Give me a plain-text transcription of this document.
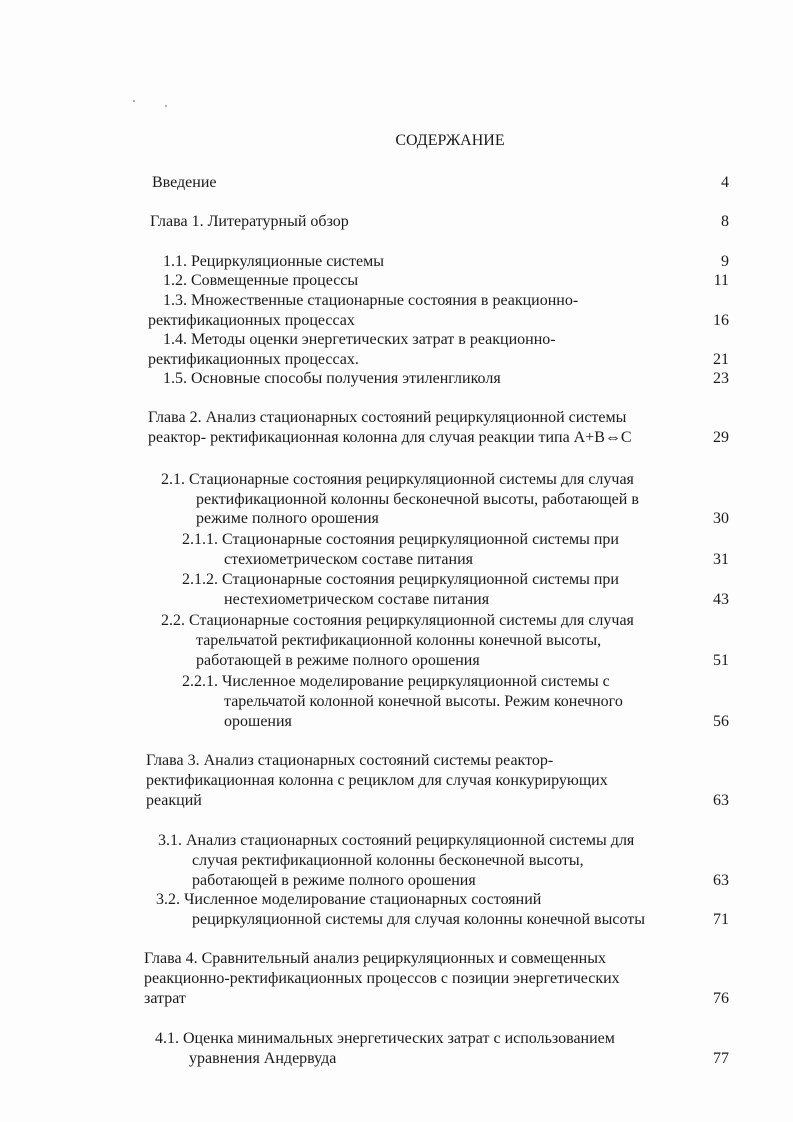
СОДЕРЖАНИЕ
Введение	4
Глава 1. Литературный обзор	8
1.1. Рециркуляционные системы	9
1.2. Совмещенные процессы	11
1.3. Множественные стационарные состояния в реакционно-
ректификационных процессах	16
1.4. Методы оценки энергетических затрат в реакционно-
ректификационных процессах.	21
1.5. Основные способы получения этиленгликоля	23
Глава 2. Анализ стационарных состояний рециркуляционной системы
реактор- ректификационная колонна для случая реакции типа A+B⇔C	29
2.1. Стационарные состояния рециркуляционной системы для случая
ректификационной колонны бесконечной высоты, работающей в
режиме полного орошения	30
2.1.1. Стационарные состояния рециркуляционной системы при
стехиометрическом составе питания	31
2.1.2. Стационарные состояния рециркуляционной системы при
нестехиометрическом составе питания	43
2.2. Стационарные состояния рециркуляционной системы для случая
тарельчатой ректификационной колонны конечной высоты,
работающей в режиме полного орошения	51
2.2.1. Численное моделирование рециркуляционной системы с
тарельчатой колонной конечной высоты. Режим конечного
орошения	56
Глава 3. Анализ стационарных состояний системы реактор-
ректификационная колонна с рециклом для случая конкурирующих
реакций	63
3.1. Анализ стационарных состояний рециркуляционной системы для
случая ректификационной колонны бесконечной высоты,
работающей в режиме полного орошения	63
3.2. Численное моделирование стационарных состояний
рециркуляционной системы для случая колонны конечной высоты	71
Глава 4. Сравнительный анализ рециркуляционных и совмещенных
реакционно-ректификационных процессов с позиции энергетических
затрат	76
4.1. Оценка минимальных энергетических затрат с использованием
уравнения Андервуда	77
